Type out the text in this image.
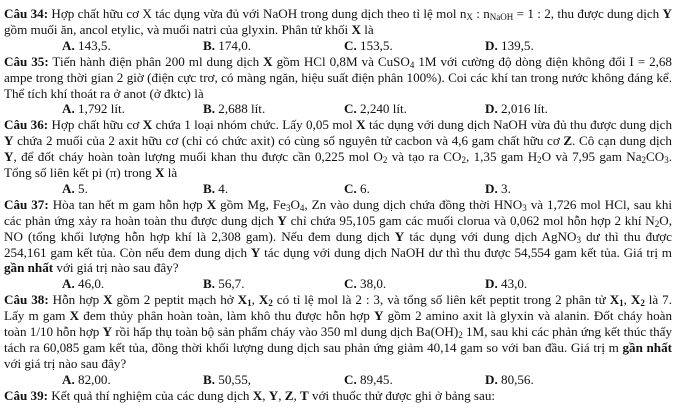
Câu 34: Hợp chất hữu cơ X tác dụng vừa đủ với NaOH trong dung dịch theo tỉ lệ mol $n_X$ : $n_{NaOH} = 1$ : 2, thu được dung dịch Y gồm muối ăn, ancol etylic, và muối natri của glyxin. Phân tử khối X là

A. 143,5.	B. 174,0.	C. 153,5.	D. 139,5.

Câu 35: Tiến hành điện phân 200 ml dung dịch X gồm HCl 0,8M và CuSO$_4$ 1M với cường độ dòng điện không đổi I = 2,68 ampe trong thời gian 2 giờ (điện cực trơ, có màng ngăn, hiệu suất điện phân 100%). Coi các khí tan trong nước không đáng kể. Thể tích khí thoát ra ở anot (ở đktc) là

A. 1,792 lít.	B. 2,688 lít.	C. 2,240 lít.	D. 2,016 lít.

Câu 36: Hợp chất hữu cơ X chứa 1 loại nhóm chức. Lấy 0,05 mol X tác dụng với dung dịch NaOH vừa đủ thu được dung dịch Y chứa 2 muối của 2 axit hữu cơ (chỉ có chức axit) có cùng số nguyên tử cacbon và 4,6 gam chất hữu cơ Z. Cô cạn dung dịch Y, để đốt cháy hoàn toàn lượng muối khan thu được cần 0,225 mol $O_2$ và tạo ra $CO_2$, 1,35 gam $H_2O$ và 7,95 gam $Na_2CO_3$. Tổng số liên kết pi (π) trong X là

A. 5.	B. 4.	C. 6.	D. 3.

Câu 37: Hòa tan hết m gam hỗn hợp X gồm Mg, $Fe_3O_4$, Zn vào dung dịch chứa đồng thời $HNO_3$ và 1,726 mol HCl, sau khi các phản ứng xảy ra hoàn toàn thu được dung dịch Y chỉ chứa 95,105 gam các muối clorua và 0,062 mol hỗn hợp 2 khí $N_2O$, NO (tổng khối lượng hỗn hợp khí là 2,308 gam). Nếu đem dung dịch Y tác dụng với dung dịch AgNO$_3$ dư thì thu được 254,161 gam kết tủa. Còn nếu đem dung dịch Y tác dụng với dung dịch NaOH dư thì thu được 54,554 gam kết tủa. Giá trị m gần nhất với giá trị nào sau đây?

A. 46,0.	B. 56,7.	C. 38,0.	D. 43,0.

Câu 38: Hỗn hợp X gồm 2 peptit mạch hở $X_1$, $X_2$ có tỉ lệ mol là 2 : 3, và tổng số liên kết peptit trong 2 phân tử $X_1$, $X_2$ là 7. Lấy m gam X đem thủy phân hoàn toàn, làm khô thu được hỗn hợp Y gồm 2 amino axit là glyxin và alanin. Đốt cháy hoàn toàn 1/10 hỗn hợp Y rồi hấp thụ toàn bộ sản phẩm cháy vào 350 ml dung dịch $Ba(OH)_2$ 1M, sau khi các phản ứng kết thúc thấy tách ra 60,085 gam kết tủa, đồng thời khối lượng dung dịch sau phản ứng giảm 40,14 gam so với ban đầu. Giá trị m gần nhất với giá trị nào sau đây?

A. 82,00.	B. 50,55,	C. 89,45.	D. 80,56.

Câu 39: Kết quả thí nghiệm của các dung dịch X, Y, Z, T với thuốc thử được ghi ở bảng sau:
